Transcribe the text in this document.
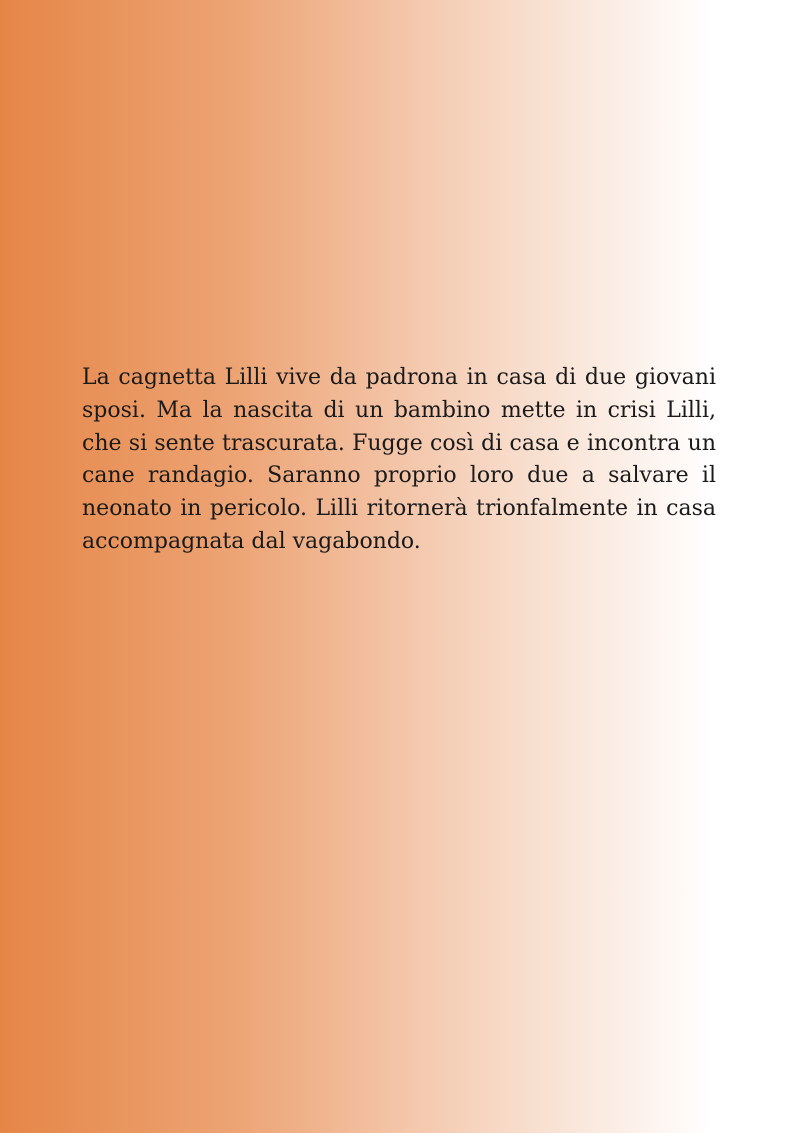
La cagnetta Lilli vive da padrona in casa di due giovani sposi. Ma la nascita di un bambino mette in crisi Lilli, che si sente trascurata. Fugge così di casa e incontra un cane randagio. Saranno proprio loro due a salvare il neonato in pericolo. Lilli ritornerà trionfalmente in casa accompagnata dal vagabondo.
